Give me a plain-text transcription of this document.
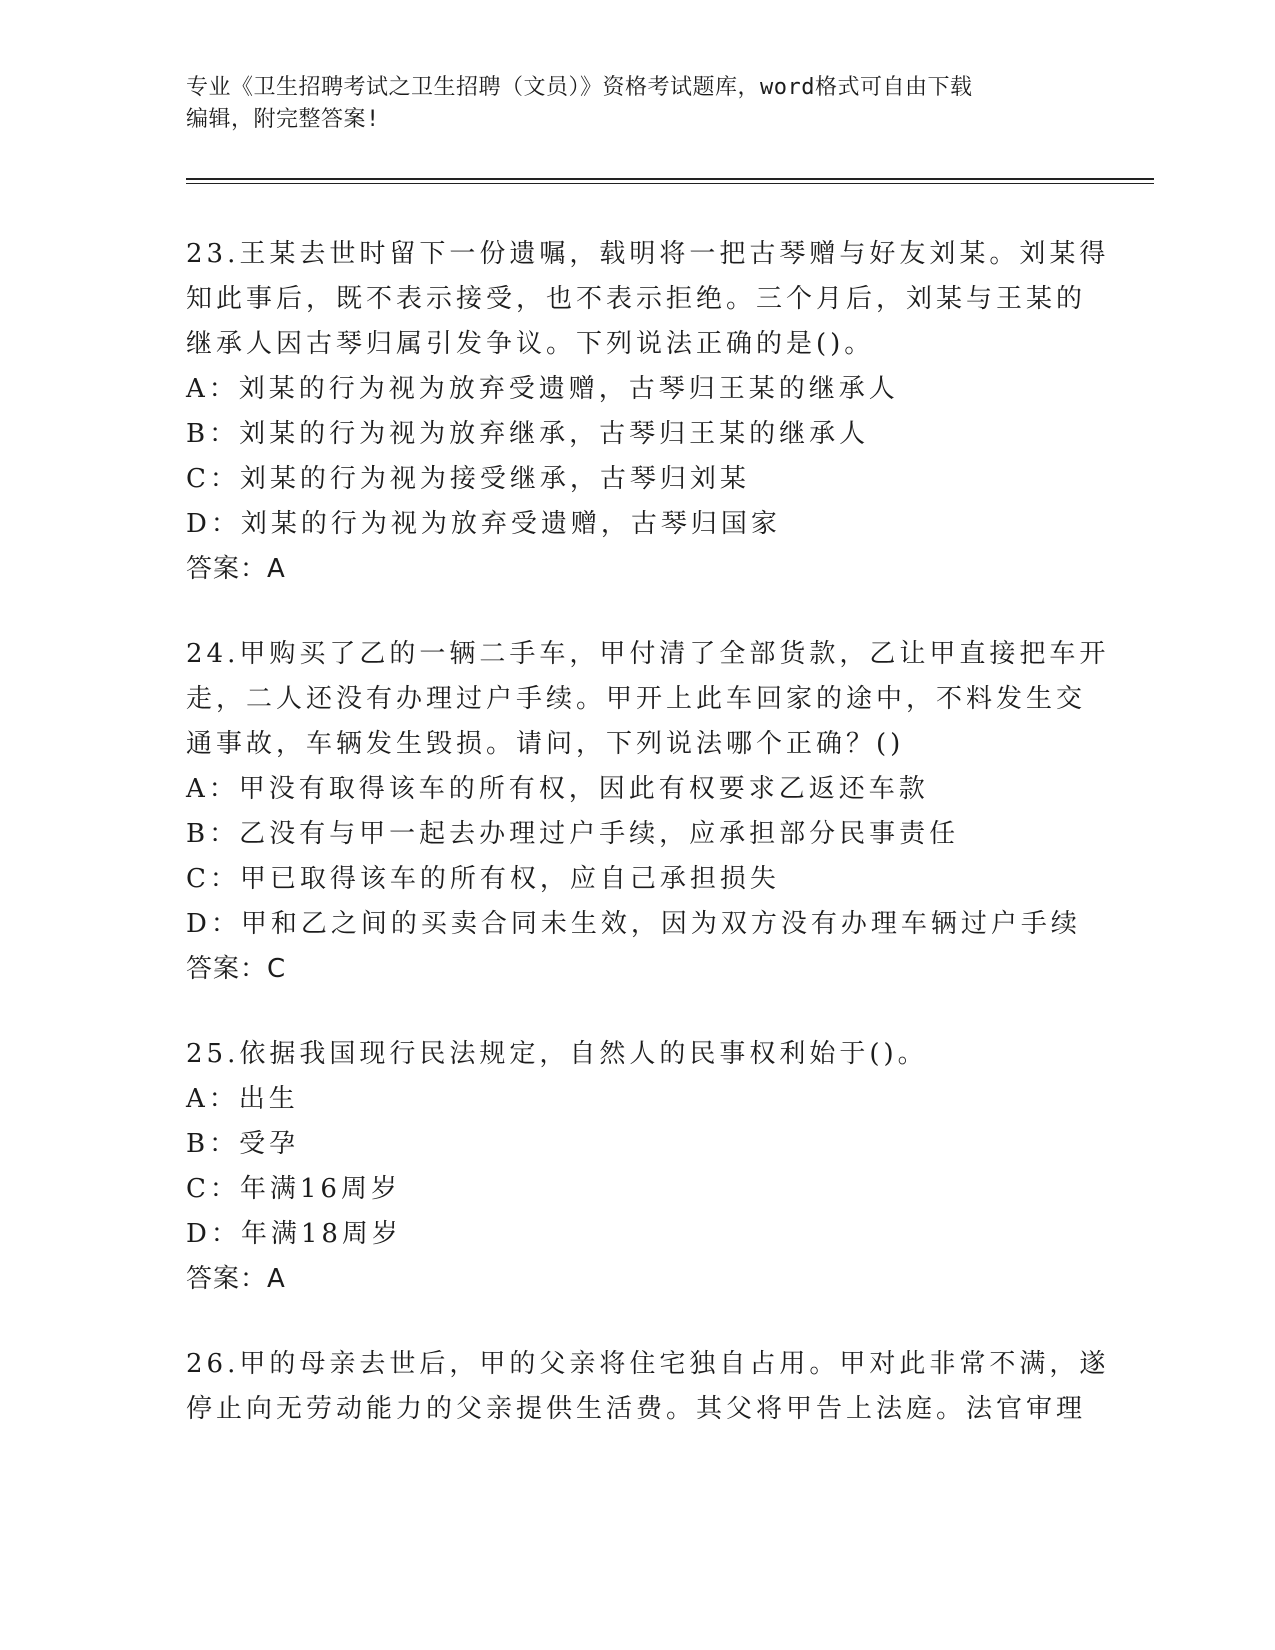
专业《卫生招聘考试之卫生招聘（文员）》资格考试题库，word格式可自由下载
编辑，附完整答案!
23.王某去世时留下一份遗嘱，载明将一把古琴赠与好友刘某。刘某得
知此事后，既不表示接受，也不表示拒绝。三个月后，刘某与王某的
继承人因古琴归属引发争议。下列说法正确的是()。
A：刘某的行为视为放弃受遗赠，古琴归王某的继承人
B：刘某的行为视为放弃继承，古琴归王某的继承人
C：刘某的行为视为接受继承，古琴归刘某
D：刘某的行为视为放弃受遗赠，古琴归国家
答案：A
24.甲购买了乙的一辆二手车，甲付清了全部货款，乙让甲直接把车开
走，二人还没有办理过户手续。甲开上此车回家的途中，不料发生交
通事故，车辆发生毁损。请问，下列说法哪个正确？()
A：甲没有取得该车的所有权，因此有权要求乙返还车款
B：乙没有与甲一起去办理过户手续，应承担部分民事责任
C：甲已取得该车的所有权，应自己承担损失
D：甲和乙之间的买卖合同未生效，因为双方没有办理车辆过户手续
答案：C
25.依据我国现行民法规定，自然人的民事权利始于()。
A：出生
B：受孕
C：年满16周岁
D：年满18周岁
答案：A
26.甲的母亲去世后，甲的父亲将住宅独自占用。甲对此非常不满，遂
停止向无劳动能力的父亲提供生活费。其父将甲告上法庭。法官审理
